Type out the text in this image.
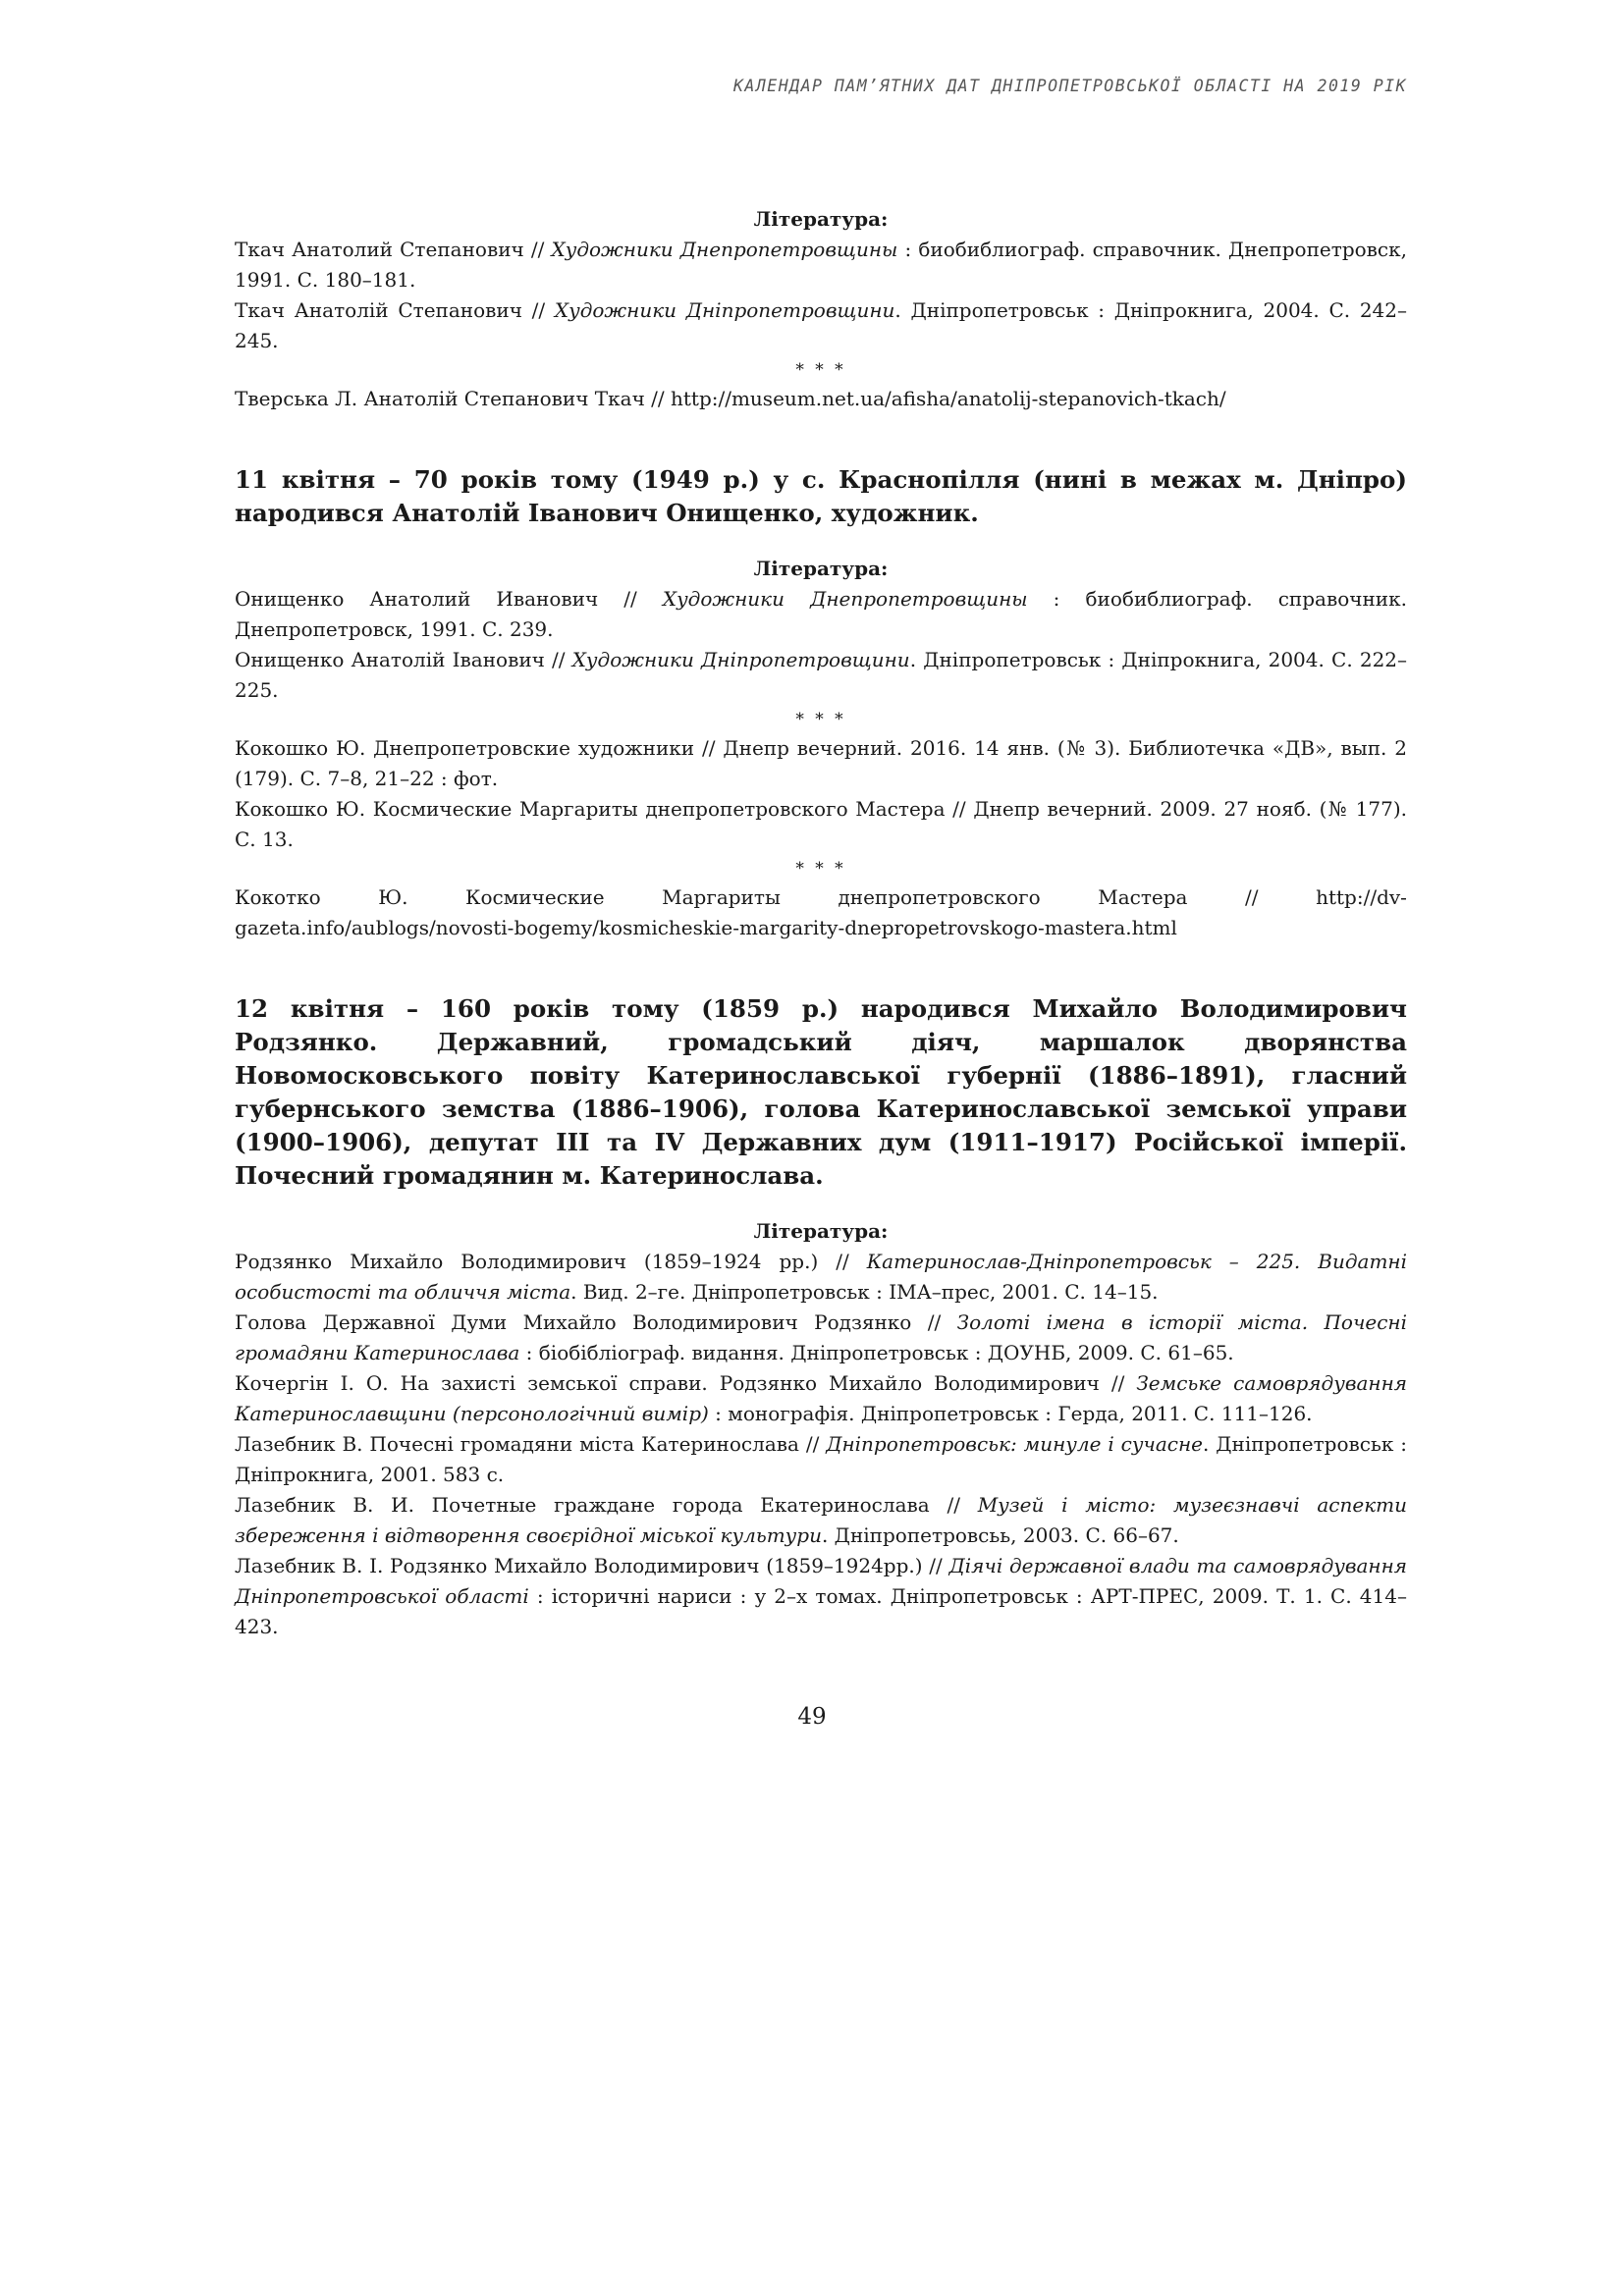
КАЛЕНДАР ПАМ’ЯТНИХ ДАТ ДНІПРОПЕТРОВСЬКОЇ ОБЛАСТІ НА 2019 РІК

Література:

Ткач Анатолий Степанович // Художники Днепропетровщины : биобиблиограф. справочник. Днепропетровск, 1991. С. 180–181.

Ткач Анатолій Степанович // Художники Дніпропетровщини. Дніпропетровськ : Дніпрокнига, 2004. С. 242–245.

* * *

Тверська Л. Анатолій Степанович Ткач // http://museum.net.ua/afisha/anatolij-stepanovich-tkach/

11 квітня – 70 років тому (1949 р.) у с. Краснопілля (нині в межах м. Дніпро) народився Анатолій Іванович Онищенко, художник.

Література:

Онищенко Анатолий Иванович // Художники Днепропетровщины : биобиблиограф. справочник. Днепропетровск, 1991. С. 239.

Онищенко Анатолій Іванович // Художники Дніпропетровщини. Дніпропетровськ : Дніпрокнига, 2004. С. 222–225.

* * *

Кокошко Ю. Днепропетровские художники // Днепр вечерний. 2016. 14 янв. (№ 3). Библиотечка «ДВ», вып. 2 (179). С. 7–8, 21–22 : фот.

Кокошко Ю. Космические Маргариты днепропетровского Мастера // Днепр вечерний. 2009. 27 нояб. (№ 177). С. 13.

* * *

Кокотко	Ю.	Космические	Маргариты	днепропетровского	Мастера	//	http://dv-

gazeta.info/aublogs/novosti-bogemy/kosmicheskie-margarity-dnepropetrovskogo-mastera.html

12 квітня – 160 років тому (1859 р.) народився Михайло Володимирович Родзянко. Державний, громадський діяч, маршалок дворянства Новомосковського повіту Катеринославської губернії (1886–1891), гласний губернського земства (1886–1906), голова Катеринославської земської управи (1900–1906), депутат ІІІ та ІV Державних дум (1911–1917) Російської імперії. Почесний громадянин м. Катеринослава.

Література:

Родзянко Михайло Володимирович (1859–1924 рр.) // Катеринослав-Дніпропетровськ – 225. Видатні особистості та обличчя міста. Вид. 2–ге. Дніпропетровськ : ІМА–прес, 2001. С. 14–15.

Голова Державної Думи Михайло Володимирович Родзянко // Золоті імена в історії міста. Почесні громадяни Катеринослава : біобібліограф. видання. Дніпропетровськ : ДОУНБ, 2009. С. 61–65.

Кочергін І. О. На захисті земської справи. Родзянко Михайло Володимирович // Земське самоврядування Катеринославщини (персонологічний вимір) : монографія. Дніпропетровськ : Герда, 2011. С. 111–126.

Лазебник В. Почесні громадяни міста Катеринослава // Дніпропетровськ: минуле і сучасне. Дніпропетровськ : Дніпрокнига, 2001. 583 с.

Лазебник В. И. Почетные граждане города Екатеринослава // Музей і місто: музеєзнавчі аспекти збереження і відтворення своєрідної міської культури. Дніпропетровсьь, 2003. С. 66–67.

Лазебник В. І. Родзянко Михайло Володимирович (1859–1924рр.) // Діячі державної влади та самоврядування Дніпропетровської області : історичні нариси : у 2–х томах. Дніпропетровськ : АРТ-ПРЕС, 2009. Т. 1. С. 414–423.

49
